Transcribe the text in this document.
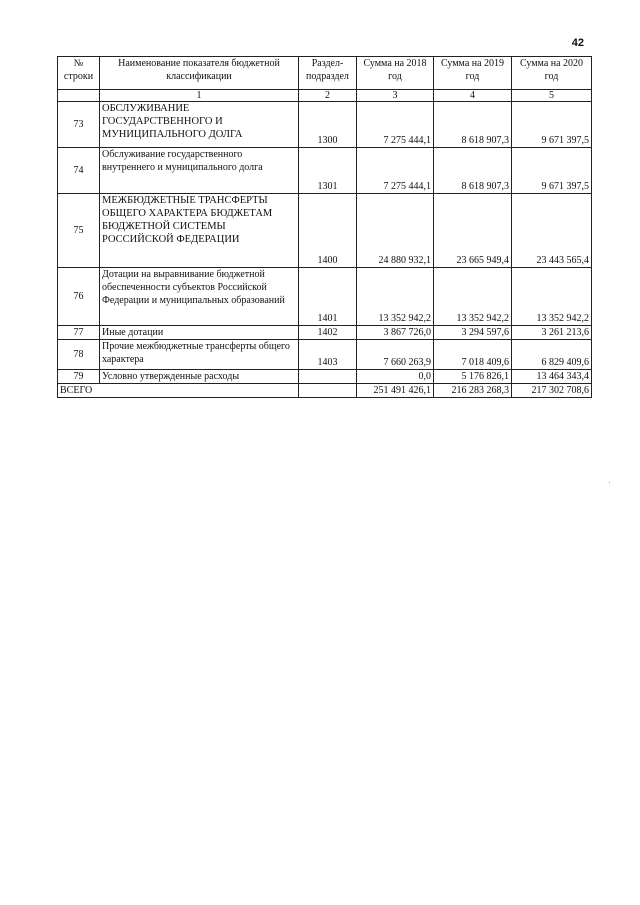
42
№ строки	Наименование показателя бюджетной классификации	Раздел-подраздел	Сумма на 2018 год	Сумма на 2019 год	Сумма на 2020 год
	1	2	3	4	5
73	ОБСЛУЖИВАНИЕ ГОСУДАРСТВЕННОГО И МУНИЦИПАЛЬНОГО ДОЛГА	1300	7 275 444,1	8 618 907,3	9 671 397,5
74	Обслуживание государственного внутреннего и муниципального долга	1301	7 275 444,1	8 618 907,3	9 671 397,5
75	МЕЖБЮДЖЕТНЫЕ ТРАНСФЕРТЫ ОБЩЕГО ХАРАКТЕРА БЮДЖЕТАМ БЮДЖЕТНОЙ СИСТЕМЫ РОССИЙСКОЙ ФЕДЕРАЦИИ	1400	24 880 932,1	23 665 949,4	23 443 565,4
76	Дотации на выравнивание бюджетной обеспеченности субъектов Российской Федерации и муниципальных образований	1401	13 352 942,2	13 352 942,2	13 352 942,2
77	Иные дотации	1402	3 867 726,0	3 294 597,6	3 261 213,6
78	Прочие межбюджетные трансферты общего характера	1403	7 660 263,9	7 018 409,6	6 829 409,6
79	Условно утвержденные расходы		0,0	5 176 826,1	13 464 343,4
ВСЕГО			251 491 426,1	216 283 268,3	217 302 708,6
